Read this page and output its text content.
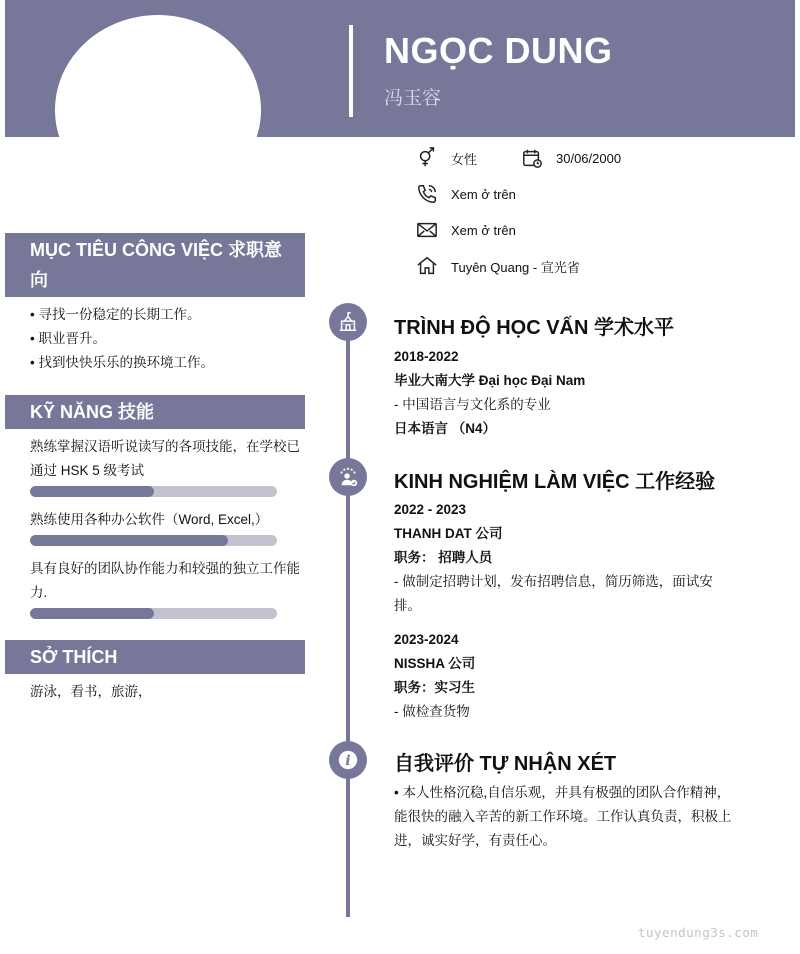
NGỌC DUNG
冯玉容
女性	30/06/2000
Xem ở trên
Xem ở trên
Tuyên Quang - 宣光省
MỤC TIÊU CÔNG VIỆC 求职意向
• 寻找一份稳定的长期工作。
• 职业晋升。
• 找到快快乐乐的换环境工作。
KỸ NĂNG 技能
熟练掌握汉语听说读写的各项技能，在学校已通过 HSK 5 级考试
熟练使用各种办公软件（Word, Excel,）
具有良好的团队协作能力和较强的独立工作能力.
SỞ THÍCH
游泳，看书，旅游，
TRÌNH ĐỘ HỌC VẤN 学术水平
2018-2022
毕业大南大学 Đại học Đại Nam
- 中国语言与文化系的专业
日本语言 （N4）
KINH NGHIỆM LÀM VIỆC 工作经验
2022 - 2023
THANH DAT 公司
职务： 招聘人员
- 做制定招聘计划，发布招聘信息，简历筛选，面试安排。
2023-2024
NISSHA 公司
职务：实习生
- 做检查货物
i 自我评价 TỰ NHẬN XÉT
• 本人性格沉稳,自信乐观，并具有极强的团队合作精神，能很快的融入辛苦的新工作环境。工作认真负责，积极上进，诚实好学，有责任心。
tuyendung3s.com
